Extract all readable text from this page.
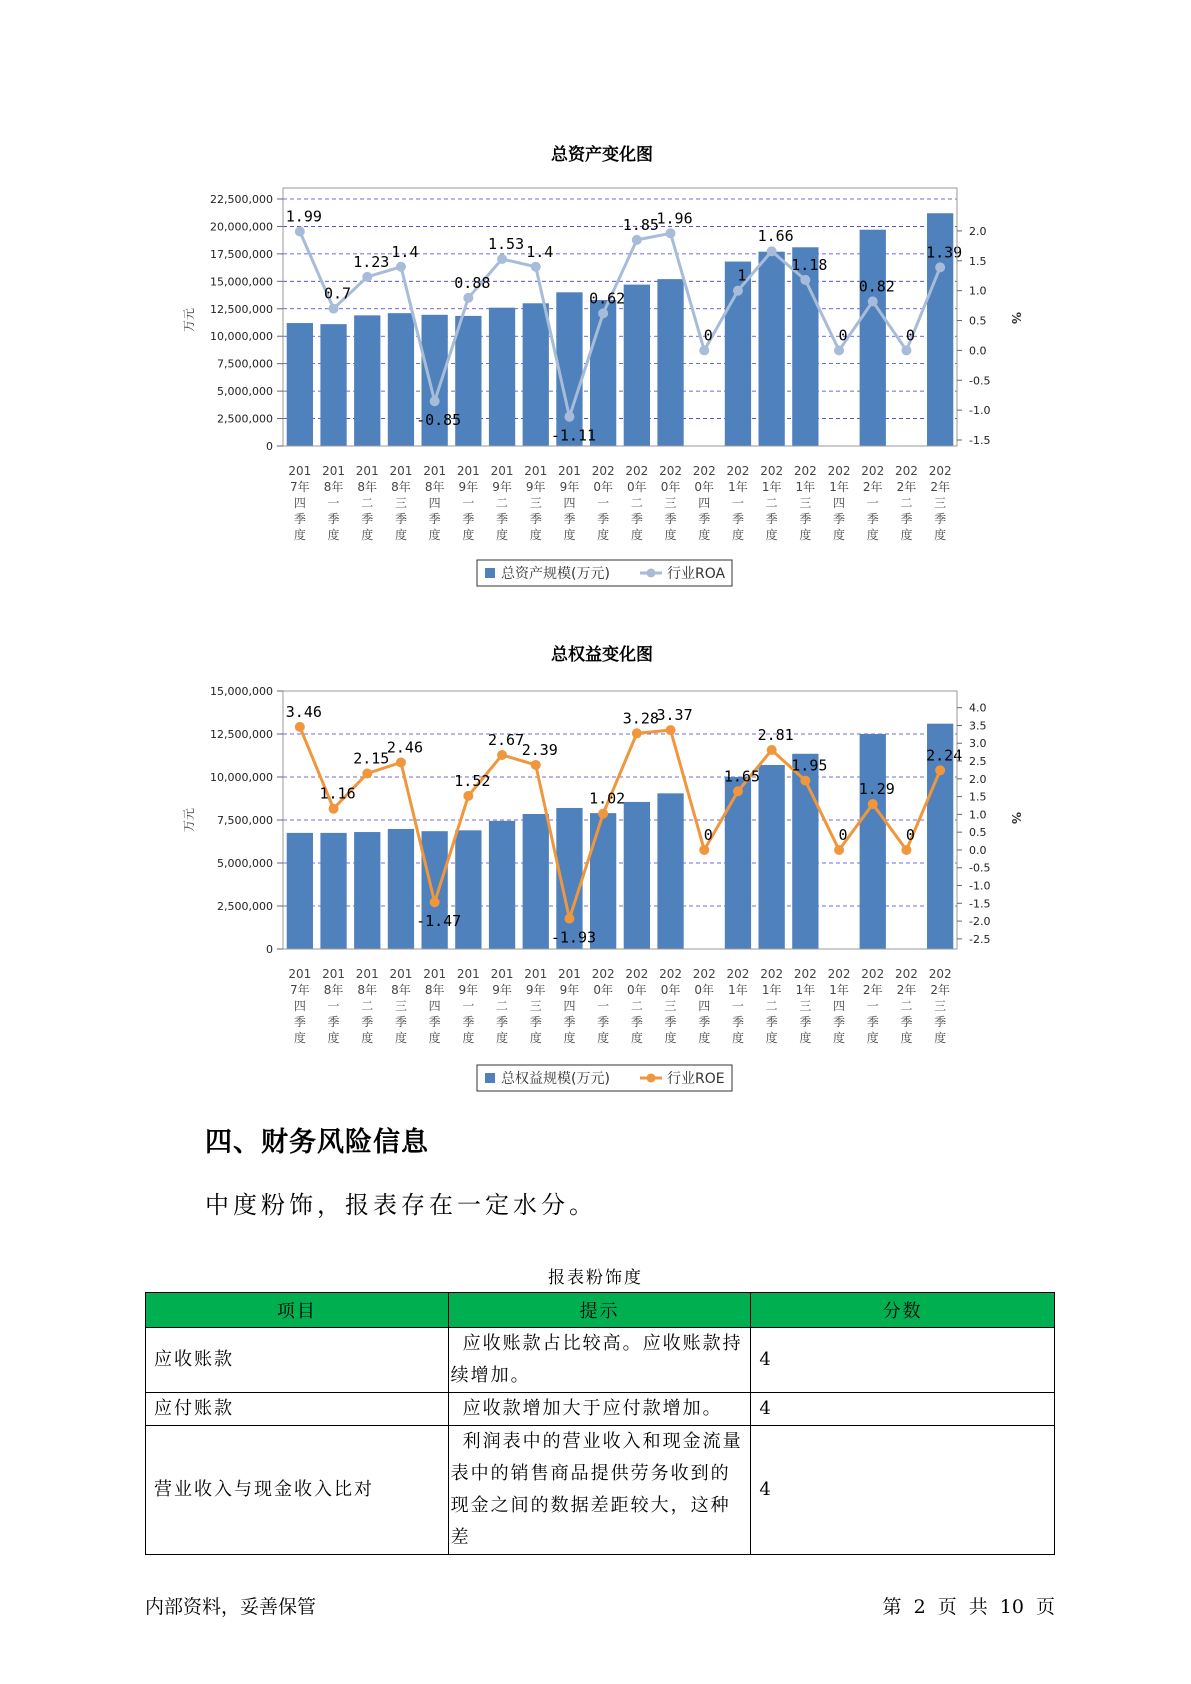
总资产变化图
1.99
0.7
1.23
1.4
-0.85
0.88
1.53 1.4
-1.11
0.62
1.85
1.96
0
1
1.66
1.18
0
0.82
0
1.39
0
2,500,000
5,000,000
7,500,000
10,000,000
12,500,000
15,000,000
17,500,000
20,000,000
22,500,000
-1.5
-1.0
-0.5
0.0
0.5
1.0
1.5
2.0
万元	%
201
7年
四
季
度
201
8年
一
季
度
201
8年
二
季
度
201
8年
三
季
度
201
8年
四
季
度
201
9年
一
季
度
201
9年
二
季
度
201
9年
三
季
度
201
9年
四
季
度
202
0年
一
季
度
202
0年
二
季
度
202
0年
三
季
度
202
0年
四
季
度
202
1年
一
季
度
202
1年
二
季
度
202
1年
三
季
度
202
1年
四
季
度
202
2年
一
季
度
202
2年
二
季
度
202
2年
三
季
度
总资产规模(万元)	行业ROA
总权益变化图
3.46
1.16
2.15
2.46
-1.47
1.52
2.67
2.39
-1.93
1.02
3.28
3.37
0
1.65
2.81
1.95
0
1.29
0
2.24
0
2,500,000
5,000,000
7,500,000
10,000,000
12,500,000
15,000,000
-2.5
-2.0
-1.5
-1.0
-0.5
0.0
0.5
1.0
1.5
2.0
2.5
3.0
3.5
4.0
万元	%
201
7年
四
季
度
201
8年
一
季
度
201
8年
二
季
度
201
8年
三
季
度
201
8年
四
季
度
201
9年
一
季
度
201
9年
二
季
度
201
9年
三
季
度
201
9年
四
季
度
202
0年
一
季
度
202
0年
二
季
度
202
0年
三
季
度
202
0年
四
季
度
202
1年
一
季
度
202
1年
二
季
度
202
1年
三
季
度
202
1年
四
季
度
202
2年
一
季
度
202
2年
二
季
度
202
2年
三
季
度
总权益规模(万元)	行业ROE
四、财务风险信息
中度粉饰，报表存在一定水分。
报表粉饰度
项目	提示	分数
应收账款	应收账款占比较高。应收账款持续增加。	4
应付账款	应收款增加大于应付款增加。	4
营业收入与现金收入比对	利润表中的营业收入和现金流量表中的销售商品提供劳务收到的现金之间的数据差距较大，这种差	4
内部资料，妥善保管	第 2 页 共 10 页
